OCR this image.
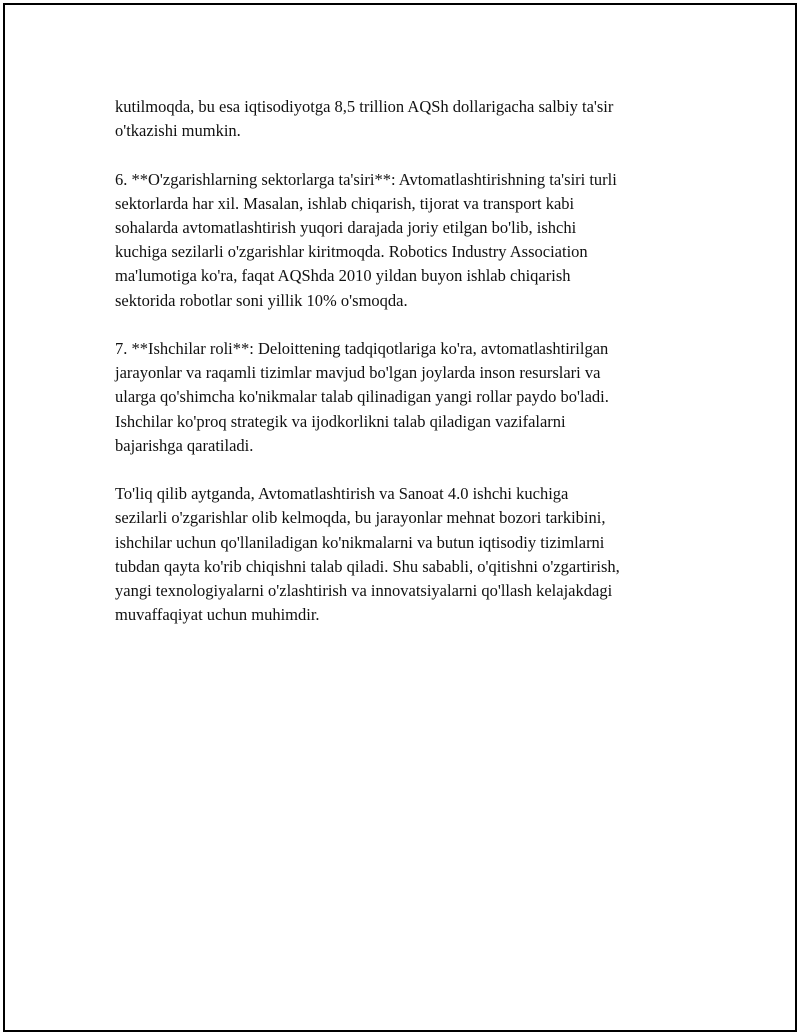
kutilmoqda, bu esa iqtisodiyotga 8,5 trillion AQSh dollarigacha salbiy ta'sir
o'tkazishi mumkin.

6. **O'zgarishlarning sektorlarga ta'siri**: Avtomatlashtirishning ta'siri turli
sektorlarda har xil. Masalan, ishlab chiqarish, tijorat va transport kabi
sohalarda avtomatlashtirish yuqori darajada joriy etilgan bo'lib, ishchi
kuchiga sezilarli o'zgarishlar kiritmoqda. Robotics Industry Association
ma'lumotiga ko'ra, faqat AQShda 2010 yildan buyon ishlab chiqarish
sektorida robotlar soni yillik 10% o'smoqda.

7. **Ishchilar roli**: Deloittening tadqiqotlariga ko'ra, avtomatlashtirilgan
jarayonlar va raqamli tizimlar mavjud bo'lgan joylarda inson resurslari va
ularga qo'shimcha ko'nikmalar talab qilinadigan yangi rollar paydo bo'ladi.
Ishchilar ko'proq strategik va ijodkorlikni talab qiladigan vazifalarni
bajarishga qaratiladi.

To'liq qilib aytganda, Avtomatlashtirish va Sanoat 4.0 ishchi kuchiga
sezilarli o'zgarishlar olib kelmoqda, bu jarayonlar mehnat bozori tarkibini,
ishchilar uchun qo'llaniladigan ko'nikmalarni va butun iqtisodiy tizimlarni
tubdan qayta ko'rib chiqishni talab qiladi. Shu sababli, o'qitishni o'zgartirish,
yangi texnologiyalarni o'zlashtirish va innovatsiyalarni qo'llash kelajakdagi
muvaffaqiyat uchun muhimdir.
